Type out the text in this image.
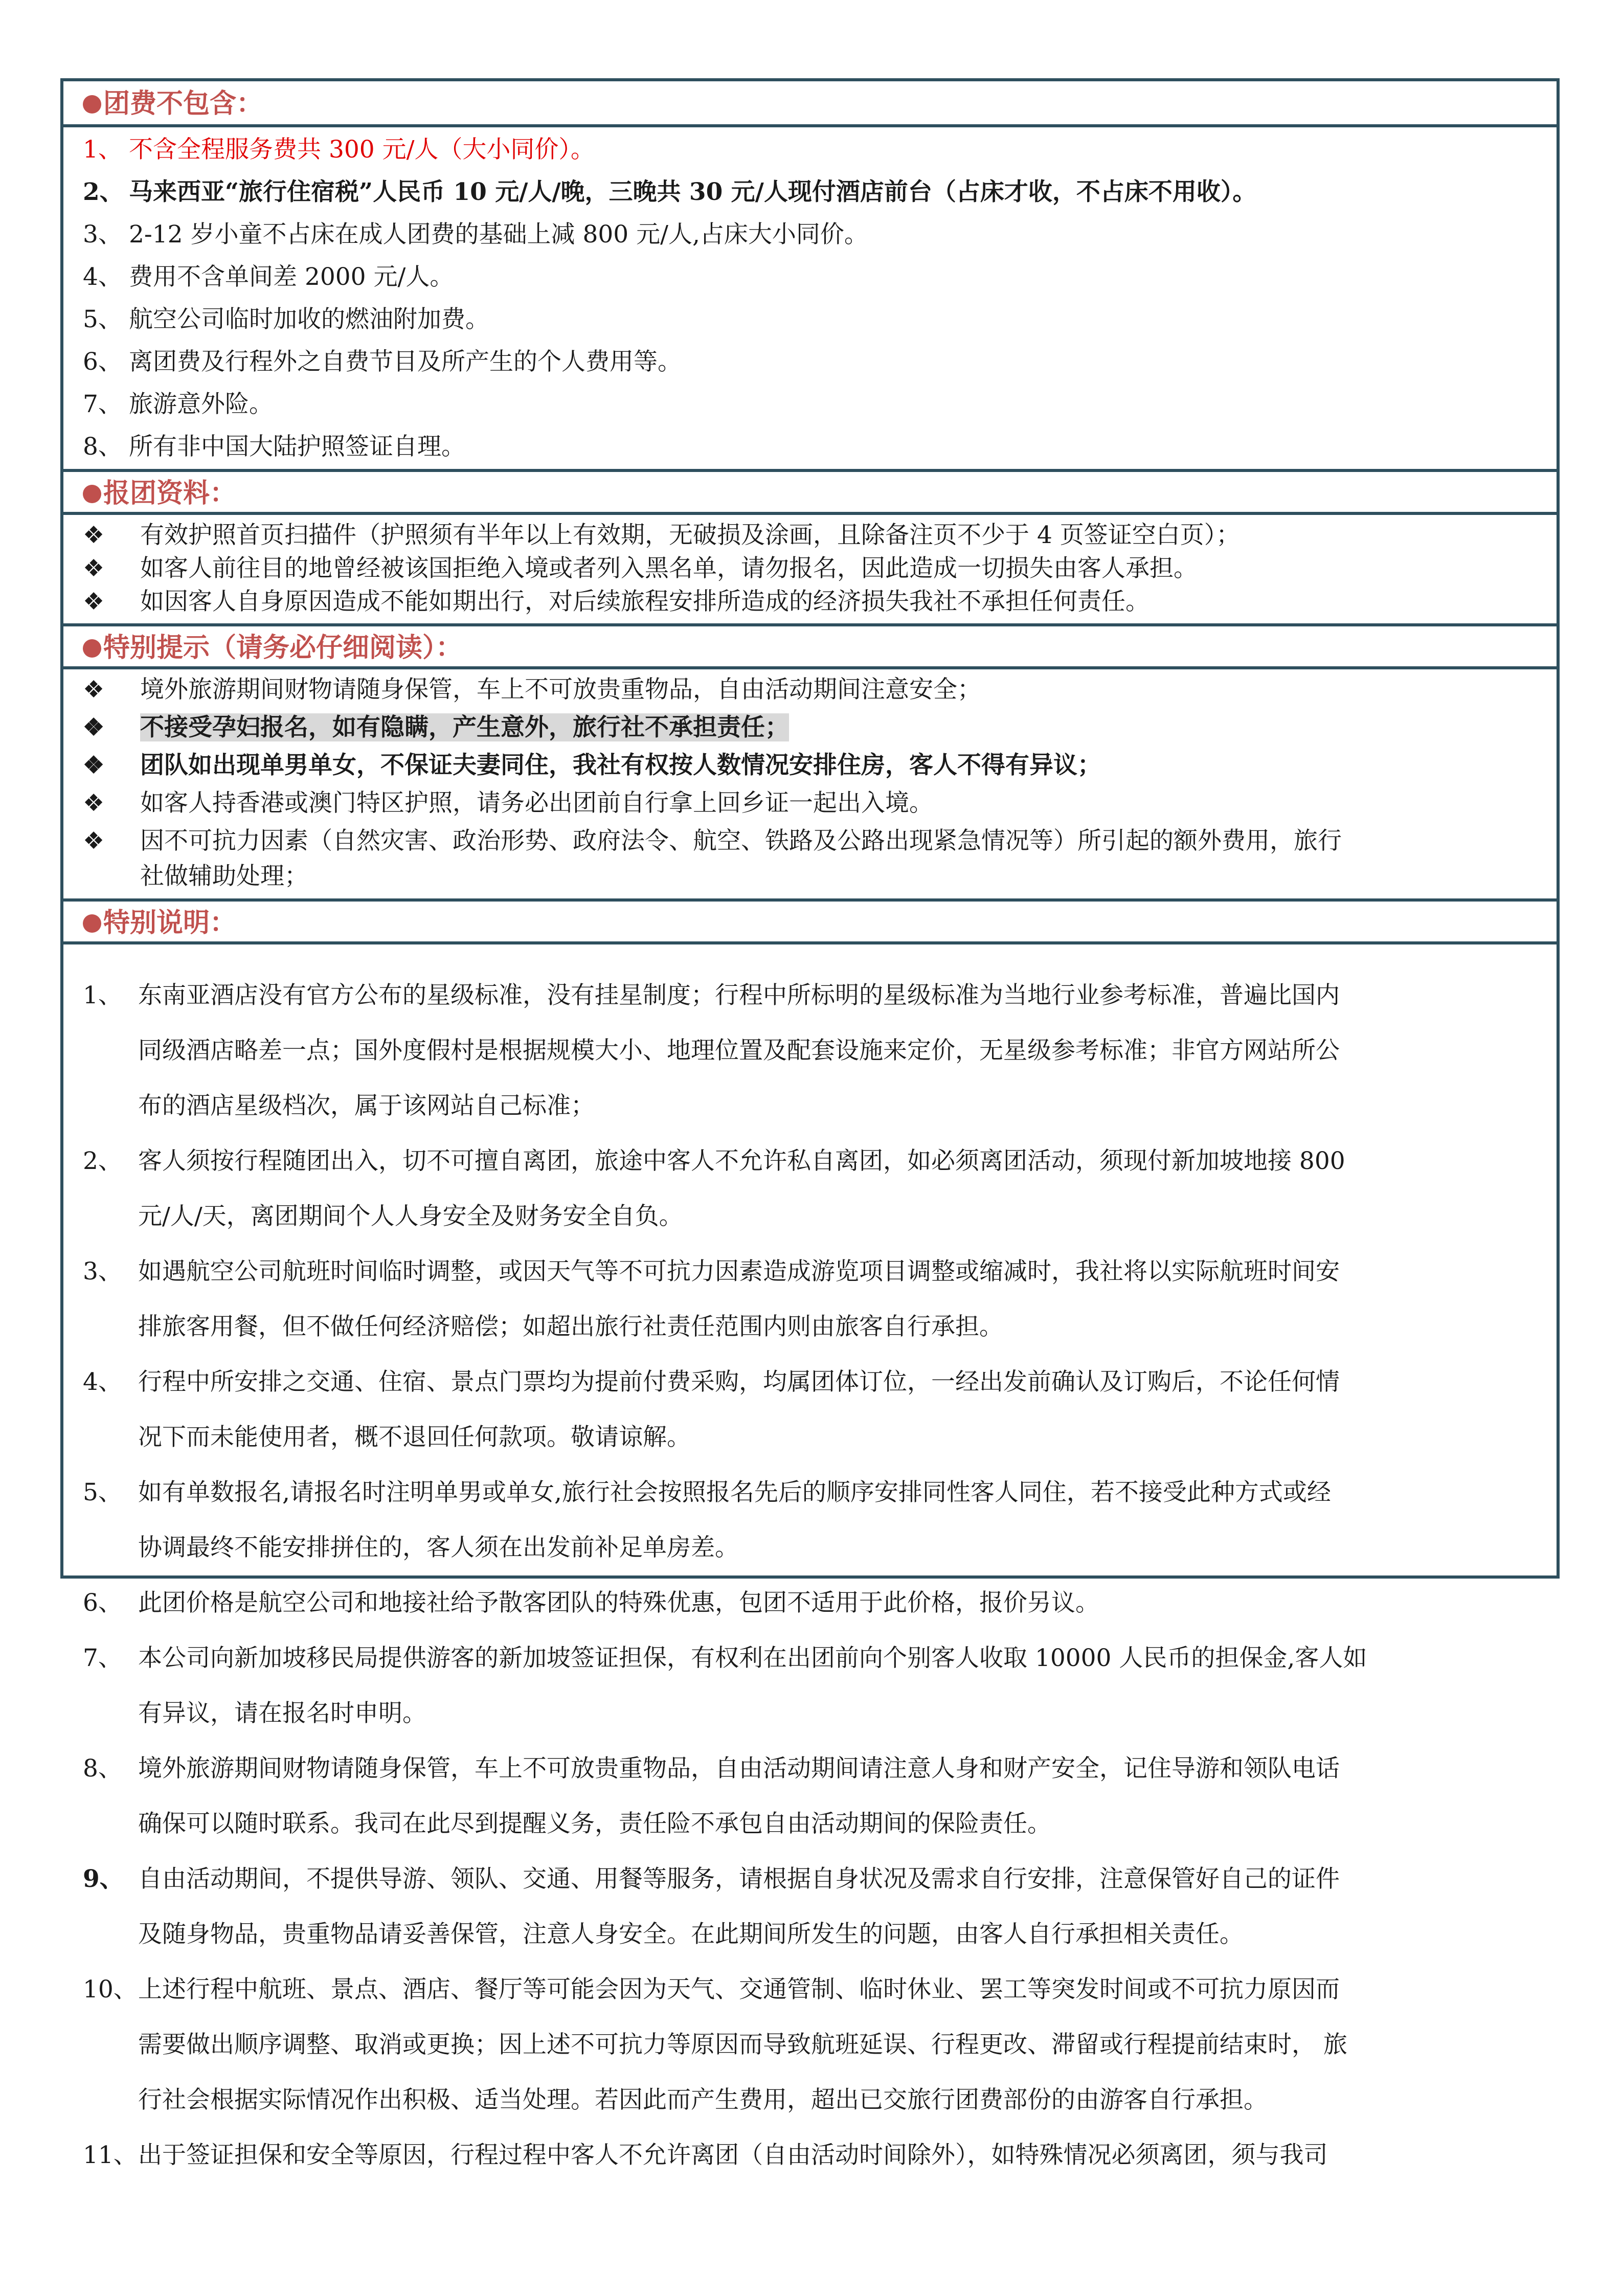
团费不包含：
1、 不含全程服务费共 300 元/人（大小同价）。
2、 马来西亚“旅行住宿税”人民币 10 元/人/晚，三晚共 30 元/人现付酒店前台（占床才收，不占床不用收）。
3、 2-12 岁小童不占床在成人团费的基础上减 800 元/人,占床大小同价。
4、 费用不含单间差 2000 元/人。
5、 航空公司临时加收的燃油附加费。
6、 离团费及行程外之自费节目及所产生的个人费用等。
7、 旅游意外险。
8、 所有非中国大陆护照签证自理。
报团资料：
❖ 有效护照首页扫描件（护照须有半年以上有效期，无破损及涂画，且除备注页不少于 4 页签证空白页）；
❖ 如客人前往目的地曾经被该国拒绝入境或者列入黑名单，请勿报名，因此造成一切损失由客人承担。
❖ 如因客人自身原因造成不能如期出行，对后续旅程安排所造成的经济损失我社不承担任何责任。
特别提示（请务必仔细阅读）：
❖ 境外旅游期间财物请随身保管，车上不可放贵重物品，自由活动期间注意安全；
❖ 不接受孕妇报名，如有隐瞒，产生意外，旅行社不承担责任；
❖ 团队如出现单男单女，不保证夫妻同住，我社有权按人数情况安排住房，客人不得有异议；
❖ 如客人持香港或澳门特区护照，请务必出团前自行拿上回乡证一起出入境。
❖ 因不可抗力因素（自然灾害、政治形势、政府法令、航空、铁路及公路出现紧急情况等）所引起的额外费用，旅行
社做辅助处理；
特别说明：
1、 东南亚酒店没有官方公布的星级标准，没有挂星制度；行程中所标明的星级标准为当地行业参考标准，普遍比国内
同级酒店略差一点；国外度假村是根据规模大小、地理位置及配套设施来定价，无星级参考标准；非官方网站所公
布的酒店星级档次，属于该网站自己标准；
2、 客人须按行程随团出入，切不可擅自离团，旅途中客人不允许私自离团，如必须离团活动，须现付新加坡地接 800
元/人/天，离团期间个人人身安全及财务安全自负。
3、 如遇航空公司航班时间临时调整，或因天气等不可抗力因素造成游览项目调整或缩减时，我社将以实际航班时间安
排旅客用餐，但不做任何经济赔偿；如超出旅行社责任范围内则由旅客自行承担。
4、 行程中所安排之交通、住宿、景点门票均为提前付费采购，均属团体订位，一经出发前确认及订购后，不论任何情
况下而未能使用者，概不退回任何款项。敬请谅解。
5、 如有单数报名,请报名时注明单男或单女,旅行社会按照报名先后的顺序安排同性客人同住，若不接受此种方式或经
协调最终不能安排拼住的，客人须在出发前补足单房差。
6、 此团价格是航空公司和地接社给予散客团队的特殊优惠，包团不适用于此价格，报价另议。
7、 本公司向新加坡移民局提供游客的新加坡签证担保，有权利在出团前向个别客人收取 10000 人民币的担保金,客人如
有异议，请在报名时申明。
8、 境外旅游期间财物请随身保管，车上不可放贵重物品，自由活动期间请注意人身和财产安全，记住导游和领队电话
确保可以随时联系。我司在此尽到提醒义务，责任险不承包自由活动期间的保险责任。
9、 自由活动期间，不提供导游、领队、交通、用餐等服务，请根据自身状况及需求自行安排，注意保管好自己的证件
及随身物品，贵重物品请妥善保管，注意人身安全。在此期间所发生的问题，由客人自行承担相关责任。
10、 上述行程中航班、景点、酒店、餐厅等可能会因为天气、交通管制、临时休业、罢工等突发时间或不可抗力原因而
需要做出顺序调整、取消或更换；因上述不可抗力等原因而导致航班延误、行程更改、滞留或行程提前结束时， 旅
行社会根据实际情况作出积极、适当处理。若因此而产生费用，超出已交旅行团费部份的由游客自行承担。
11、 出于签证担保和安全等原因，行程过程中客人不允许离团（自由活动时间除外），如特殊情况必须离团，须与我司
